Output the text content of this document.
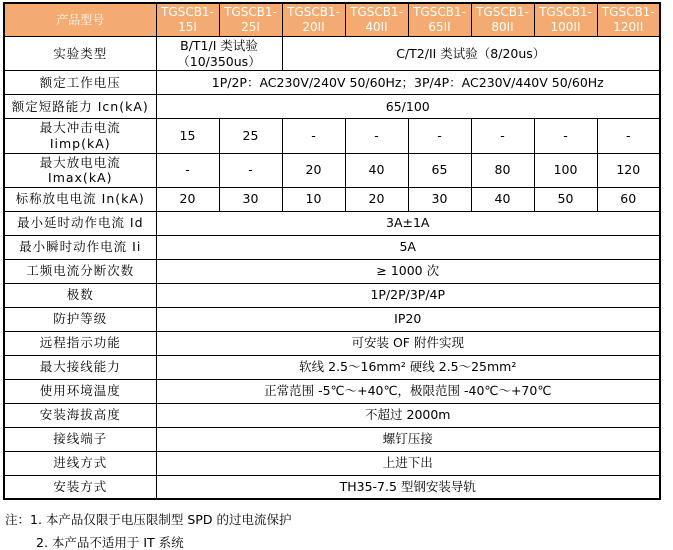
产品型号	TGSCB1-15I	TGSCB1-25I	TGSCB1-20II	TGSCB1-40II	TGSCB1-65II	TGSCB1-80II	TGSCB1-100II	TGSCB1-120II
实验类型	B/T1/I 类试验（10/350us）		C/T2/II 类试验（8/20us）					
额定工作电压	1P/2P：AC230V/240V 50/60Hz；3P/4P：AC230V/440V 50/60Hz							
额定短路能力 Icn(kA)	65/100							
最大冲击电流 Iimp(kA)	15	25	-	-	-	-	-	-
最大放电电流 Imax(kA)	-	-	20	40	65	80	100	120
标称放电电流 In(kA)	20	30	10	20	30	40	50	60
最小延时动作电流 Id	3A±1A							
最小瞬时动作电流 Ii	5A							
工频电流分断次数	≥ 1000 次							
极数	1P/2P/3P/4P							
防护等级	IP20							
远程指示功能	可安装 OF 附件实现							
最大接线能力	软线 2.5～16mm² 硬线 2.5～25mm²							
使用环境温度	正常范围 -5℃～+40℃，极限范围 -40℃～+70℃							
安装海拔高度	不超过 2000m							
接线端子	螺钉压接							
进线方式	上进下出							
安装方式	TH35-7.5 型钢安装导轨							
注：1. 本产品仅限于电压限制型 SPD 的过电流保护
2. 本产品不适用于 IT 系统
